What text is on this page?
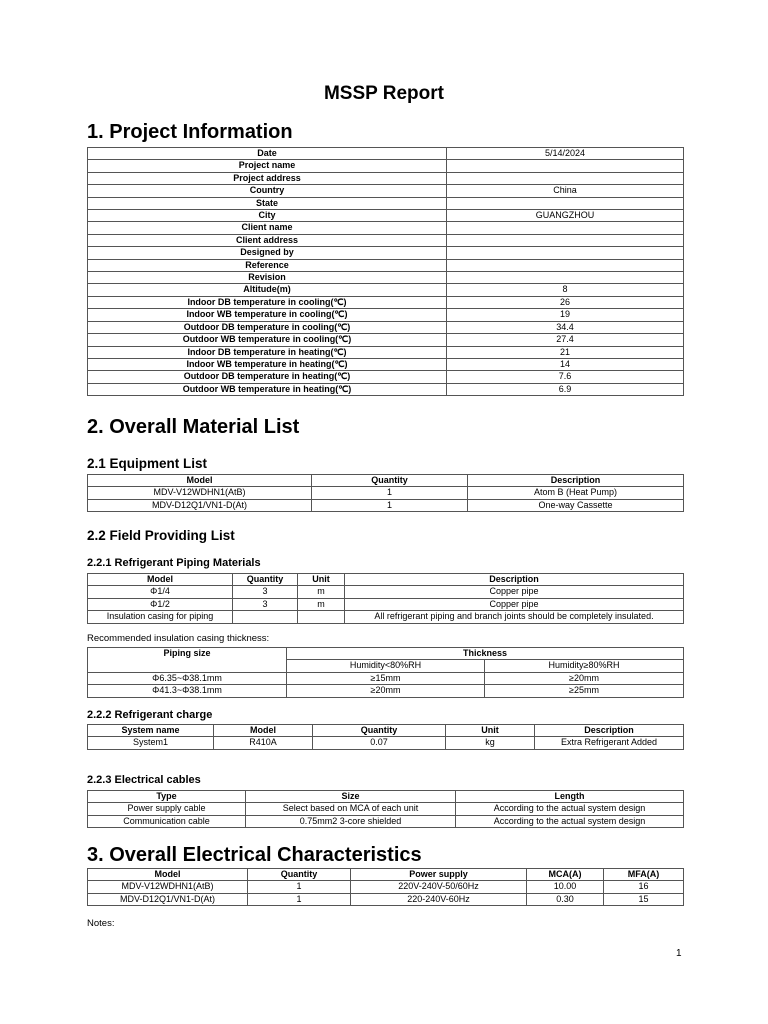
MSSP Report
1. Project Information
Date	5/14/2024
Project name	
Project address	
Country	China
State	
City	GUANGZHOU
Client name	
Client address	
Designed by	
Reference	
Revision	
Altitude(m)	8
Indoor DB temperature in cooling(℃)	26
Indoor WB temperature in cooling(℃)	19
Outdoor DB temperature in cooling(℃)	34.4
Outdoor WB temperature in cooling(℃)	27.4
Indoor DB temperature in heating(℃)	21
Indoor WB temperature in heating(℃)	14
Outdoor DB temperature in heating(℃)	7.6
Outdoor WB temperature in heating(℃)	6.9
2. Overall Material List
2.1 Equipment List
Model	Quantity	Description
MDV-V12WDHN1(AtB)	1	Atom B (Heat Pump)
MDV-D12Q1/VN1-D(At)	1	One-way Cassette
2.2 Field Providing List
2.2.1 Refrigerant Piping Materials
Model	Quantity	Unit	Description
Φ1/4	3	m	Copper pipe
Φ1/2	3	m	Copper pipe
Insulation casing for piping			All refrigerant piping and branch joints should be completely insulated.

Recommended insulation casing thickness:

Piping size	Thickness	
	Humidity<80%RH	Humidity≥80%RH
Φ6.35~Φ38.1mm	≥15mm	≥20mm
Φ41.3~Φ38.1mm	≥20mm	≥25mm
2.2.2 Refrigerant charge
System name	Model	Quantity	Unit	Description
System1	R410A	0.07	kg	Extra Refrigerant Added
2.2.3 Electrical cables
Type	Size	Length
Power supply cable	Select based on MCA of each unit	According to the actual system design
Communication cable	0.75mm2 3-core shielded	According to the actual system design
3. Overall Electrical Characteristics
Model	Quantity	Power supply	MCA(A)	MFA(A)
MDV-V12WDHN1(AtB)	1	220V-240V-50/60Hz	10.00	16
MDV-D12Q1/VN1-D(At)	1	220-240V-60Hz	0.30	15

Notes:

1
